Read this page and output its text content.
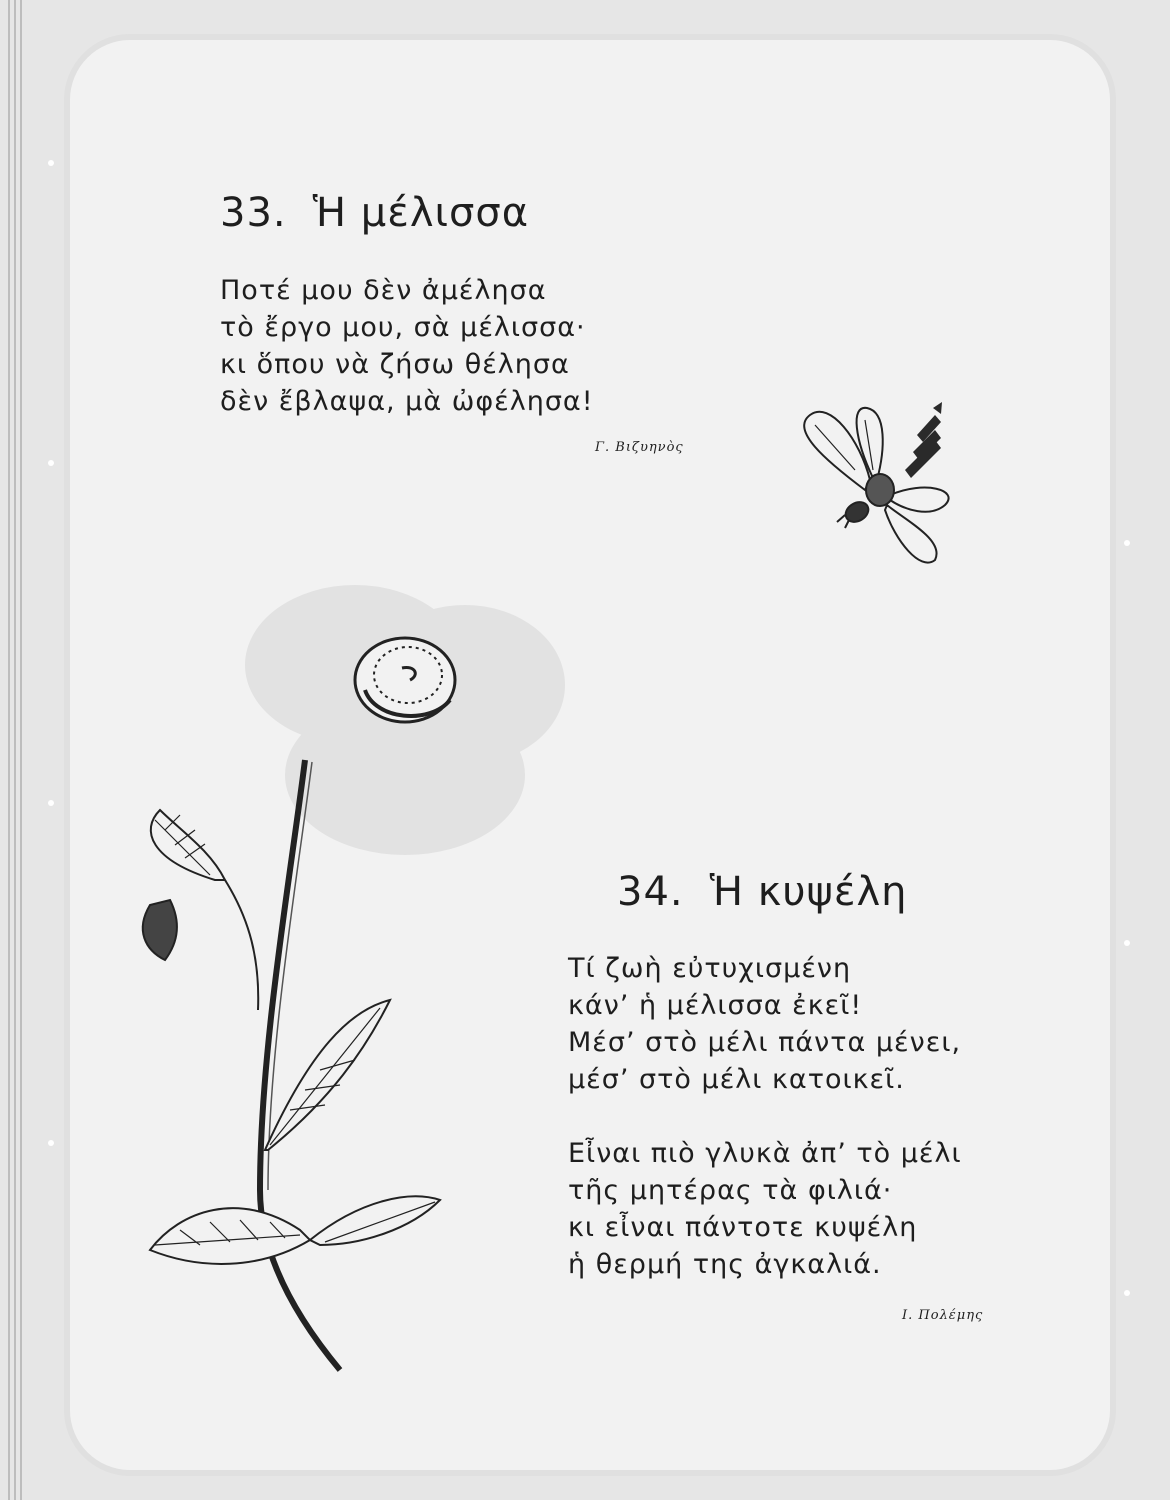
33. Ἡ μέλισσα
Ποτέ μου δὲν ἀμέλησα
τὸ ἔργο μου, σὰ μέλισσα·
κι ὅπου νὰ ζήσω θέλησα
δὲν ἔβλαψα, μὰ ὠφέλησα!
Γ. Βιζυηνὸς
34. Ἡ κυψέλη
Τί ζωὴ εὐτυχισμένη
κάν’ ἡ μέλισσα ἐκεῖ!
Μέσ’ στὸ μέλι πάντα μένει,
μέσ’ στὸ μέλι κατοικεῖ.
Εἶναι πιὸ γλυκὰ ἀπ’ τὸ μέλι
τῆς μητέρας τὰ φιλιά·
κι εἶναι πάντοτε κυψέλη
ἡ θερμή της ἀγκαλιά.
Ι. Πολέμης
